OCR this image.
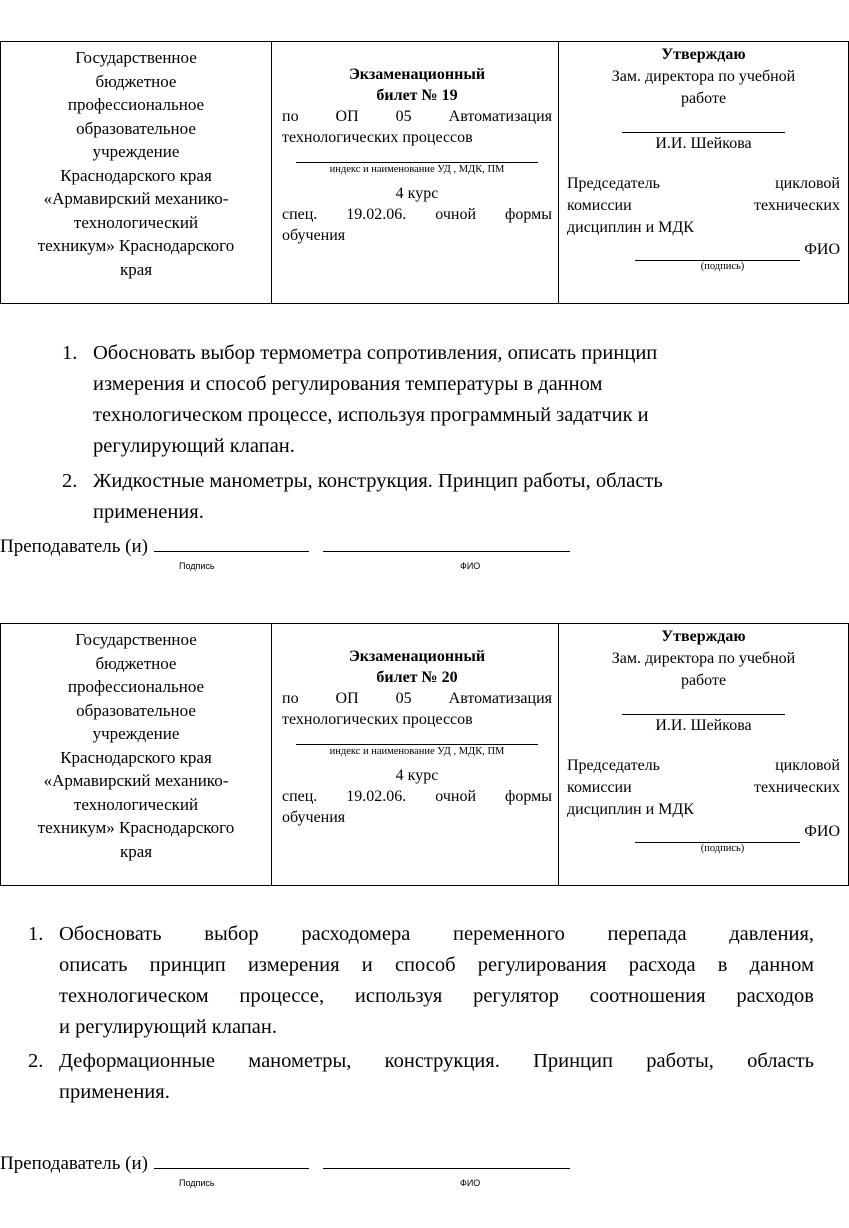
Государственное
бюджетное
профессиональное
образовательное
учреждение
Краснодарского края
«Армавирский механико-
технологический
техникум» Краснодарского
края

Экзаменационный
билет № 19
по ОП 05 Автоматизация
технологических процессов
индекс и наименование УД , МДК, ПМ
4 курс
спец. 19.02.06. очной формы
обучения

Утверждаю
Зам. директора по учебной
работе
И.И. Шейкова
Председатель цикловой
комиссии технических
дисциплин и МДК
ФИО
(подпись)
1. Обосновать выбор термометра сопротивления, описать принцип
измерения и способ регулирования температуры в данном
технологическом процессе, используя программный задатчик и
регулирующий клапан.
2. Жидкостные манометры, конструкция. Принцип работы, область
применения.
Преподаватель (и)
Подпись	ФИО
Государственное
бюджетное
профессиональное
образовательное
учреждение
Краснодарского края
«Армавирский механико-
технологический
техникум» Краснодарского
края

Экзаменационный
билет № 20
по ОП 05 Автоматизация
технологических процессов
индекс и наименование УД , МДК, ПМ
4 курс
спец. 19.02.06. очной формы
обучения

Утверждаю
Зам. директора по учебной
работе
И.И. Шейкова
Председатель цикловой
комиссии технических
дисциплин и МДК
ФИО
(подпись)
1. Обосновать выбор расходомера переменного перепада давления,
описать принцип измерения и способ регулирования расхода в данном
технологическом процессе, используя регулятор соотношения расходов
и регулирующий клапан.
2. Деформационные манометры, конструкция. Принцип работы, область
применения.
Преподаватель (и)
Подпись	ФИО
